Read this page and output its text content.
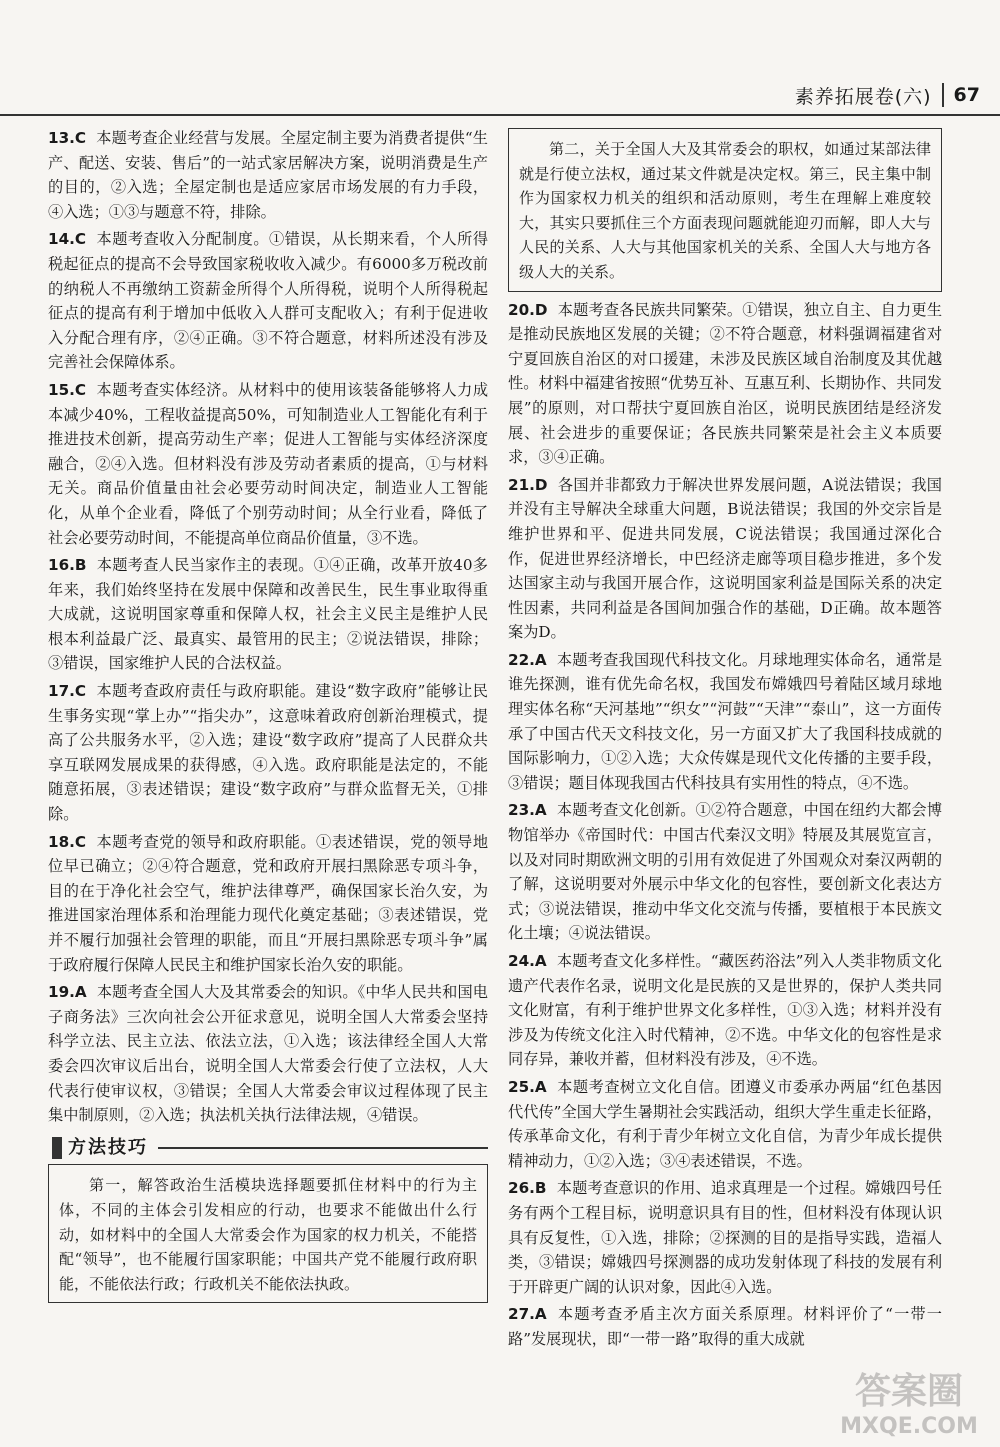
素养拓展卷(六)	67

13.C 本题考查企业经营与发展。全屋定制主要为消费者提供“生产、配送、安装、售后”的一站式家居解决方案，说明消费是生产的目的，②入选；全屋定制也是适应家居市场发展的有力手段，④入选；①③与题意不符，排除。

14.C 本题考查收入分配制度。①错误，从长期来看，个人所得税起征点的提高不会导致国家税收收入减少。有6000多万税改前的纳税人不再缴纳工资薪金所得个人所得税，说明个人所得税起征点的提高有利于增加中低收入人群可支配收入；有利于促进收入分配合理有序，②④正确。③不符合题意，材料所述没有涉及完善社会保障体系。

15.C 本题考查实体经济。从材料中的使用该装备能够将人力成本减少40%，工程收益提高50%，可知制造业人工智能化有利于推进技术创新，提高劳动生产率；促进人工智能与实体经济深度融合，②④入选。但材料没有涉及劳动者素质的提高，①与材料无关。商品价值量由社会必要劳动时间决定，制造业人工智能化，从单个企业看，降低了个别劳动时间；从全行业看，降低了社会必要劳动时间，不能提高单位商品价值量，③不选。

16.B 本题考查人民当家作主的表现。①④正确，改革开放40多年来，我们始终坚持在发展中保障和改善民生，民生事业取得重大成就，这说明国家尊重和保障人权，社会主义民主是维护人民根本利益最广泛、最真实、最管用的民主；②说法错误，排除；③错误，国家维护人民的合法权益。

17.C 本题考查政府责任与政府职能。建设“数字政府”能够让民生事务实现“掌上办”“指尖办”，这意味着政府创新治理模式，提高了公共服务水平，②入选；建设“数字政府”提高了人民群众共享互联网发展成果的获得感，④入选。政府职能是法定的，不能随意拓展，③表述错误；建设“数字政府”与群众监督无关，①排除。

18.C 本题考查党的领导和政府职能。①表述错误，党的领导地位早已确立；②④符合题意，党和政府开展扫黑除恶专项斗争，目的在于净化社会空气，维护法律尊严，确保国家长治久安，为推进国家治理体系和治理能力现代化奠定基础；③表述错误，党并不履行加强社会管理的职能，而且“开展扫黑除恶专项斗争”属于政府履行保障人民民主和维护国家长治久安的职能。

19.A 本题考查全国人大及其常委会的知识。《中华人民共和国电子商务法》三次向社会公开征求意见，说明全国人大常委会坚持科学立法、民主立法、依法立法，①入选；该法律经全国人大常委会四次审议后出台，说明全国人大常委会行使了立法权，人大代表行使审议权，③错误；全国人大常委会审议过程体现了民主集中制原则，②入选；执法机关执行法律法规，④错误。

方法技巧

第一，解答政治生活模块选择题要抓住材料中的行为主体，不同的主体会引发相应的行动，也要求不能做出什么行动，如材料中的全国人大常委会作为国家的权力机关，不能搭配“领导”，也不能履行国家职能；中国共产党不能履行政府职能，不能依法行政；行政机关不能依法执政。

第二，关于全国人大及其常委会的职权，如通过某部法律就是行使立法权，通过某文件就是决定权。第三，民主集中制作为国家权力机关的组织和活动原则，考生在理解上难度较大，其实只要抓住三个方面表现问题就能迎刃而解，即人大与人民的关系、人大与其他国家机关的关系、全国人大与地方各级人大的关系。

20.D 本题考查各民族共同繁荣。①错误，独立自主、自力更生是推动民族地区发展的关键；②不符合题意，材料强调福建省对宁夏回族自治区的对口援建，未涉及民族区域自治制度及其优越性。材料中福建省按照“优势互补、互惠互利、长期协作、共同发展”的原则，对口帮扶宁夏回族自治区，说明民族团结是经济发展、社会进步的重要保证；各民族共同繁荣是社会主义本质要求，③④正确。

21.D 各国并非都致力于解决世界发展问题，A说法错误；我国并没有主导解决全球重大问题，B说法错误；我国的外交宗旨是维护世界和平、促进共同发展，C说法错误；我国通过深化合作，促进世界经济增长，中巴经济走廊等项目稳步推进，多个发达国家主动与我国开展合作，这说明国家利益是国际关系的决定性因素，共同利益是各国间加强合作的基础，D正确。故本题答案为D。

22.A 本题考查我国现代科技文化。月球地理实体命名，通常是谁先探测，谁有优先命名权，我国发布嫦娥四号着陆区域月球地理实体名称“天河基地”“织女”“河鼓”“天津”“泰山”，这一方面传承了中国古代天文科技文化，另一方面又扩大了我国科技成就的国际影响力，①②入选；大众传媒是现代文化传播的主要手段，③错误；题目体现我国古代科技具有实用性的特点，④不选。

23.A 本题考查文化创新。①②符合题意，中国在纽约大都会博物馆举办《帝国时代：中国古代秦汉文明》特展及其展览宣言，以及对同时期欧洲文明的引用有效促进了外国观众对秦汉两朝的了解，这说明要对外展示中华文化的包容性，要创新文化表达方式；③说法错误，推动中华文化交流与传播，要植根于本民族文化土壤；④说法错误。

24.A 本题考查文化多样性。“藏医药浴法”列入人类非物质文化遗产代表作名录，说明文化是民族的又是世界的，保护人类共同文化财富，有利于维护世界文化多样性，①③入选；材料并没有涉及为传统文化注入时代精神，②不选。中华文化的包容性是求同存异，兼收并蓄，但材料没有涉及，④不选。

25.A 本题考查树立文化自信。团遵义市委承办两届“红色基因代代传”全国大学生暑期社会实践活动，组织大学生重走长征路，传承革命文化，有利于青少年树立文化自信，为青少年成长提供精神动力，①②入选；③④表述错误，不选。

26.B 本题考查意识的作用、追求真理是一个过程。嫦娥四号任务有两个工程目标，说明意识具有目的性，但材料没有体现认识具有反复性，①入选，排除；②探测的目的是指导实践，造福人类，③错误；嫦娥四号探测器的成功发射体现了科技的发展有利于开辟更广阔的认识对象，因此④入选。

27.A 本题考查矛盾主次方面关系原理。材料评价了“一带一路”发展现状，即“一带一路”取得的重大成就

答案圈
MXQE.COM
